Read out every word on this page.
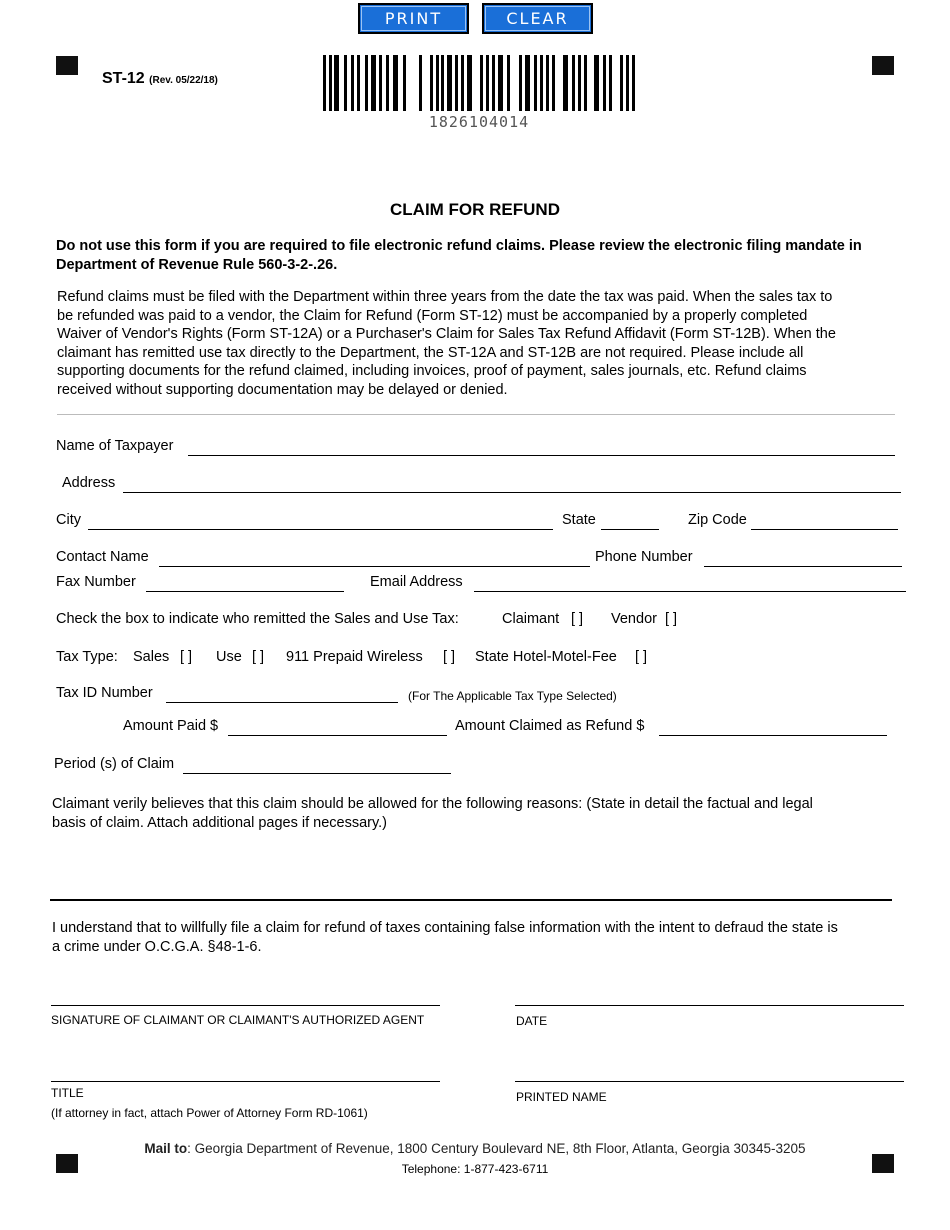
PRINT	CLEAR
ST-12 (Rev. 05/22/18)
1826104014
CLAIM FOR REFUND
Do not use this form if you are required to file electronic refund claims. Please review the electronic filing mandate in Department of Revenue Rule 560-3-2-.26.
Refund claims must be filed with the Department within three years from the date the tax was paid. When the sales tax to
be refunded was paid to a vendor, the Claim for Refund (Form ST-12) must be accompanied by a properly completed
Waiver of Vendor's Rights (Form ST-12A) or a Purchaser's Claim for Sales Tax Refund Affidavit (Form ST-12B). When the
claimant has remitted use tax directly to the Department, the ST-12A and ST-12B are not required. Please include all
supporting documents for the refund claimed, including invoices, proof of payment, sales journals, etc. Refund claims
received without supporting documentation may be delayed or denied.
Name of Taxpayer
Address
City	State	Zip Code
Contact Name	Phone Number
Fax Number	Email Address
Check the box to indicate who remitted the Sales and Use Tax:	Claimant [ ] Vendor [ ]
Tax Type: Sales [ ] Use [ ] 911 Prepaid Wireless [ ] State Hotel-Motel-Fee [ ]
Tax ID Number	(For The Applicable Tax Type Selected)
Amount Paid $	Amount Claimed as Refund $
Period (s) of Claim
Claimant verily believes that this claim should be allowed for the following reasons: (State in detail the factual and legal
basis of claim. Attach additional pages if necessary.)
I understand that to willfully file a claim for refund of taxes containing false information with the intent to defraud the state is
a crime under O.C.G.A. §48-1-6.
SIGNATURE OF CLAIMANT OR CLAIMANT'S AUTHORIZED AGENT	DATE
TITLE
(If attorney in fact, attach Power of Attorney Form RD-1061)
PRINTED NAME
Mail to: Georgia Department of Revenue, 1800 Century Boulevard NE, 8th Floor, Atlanta, Georgia 30345-3205
Telephone: 1-877-423-6711
